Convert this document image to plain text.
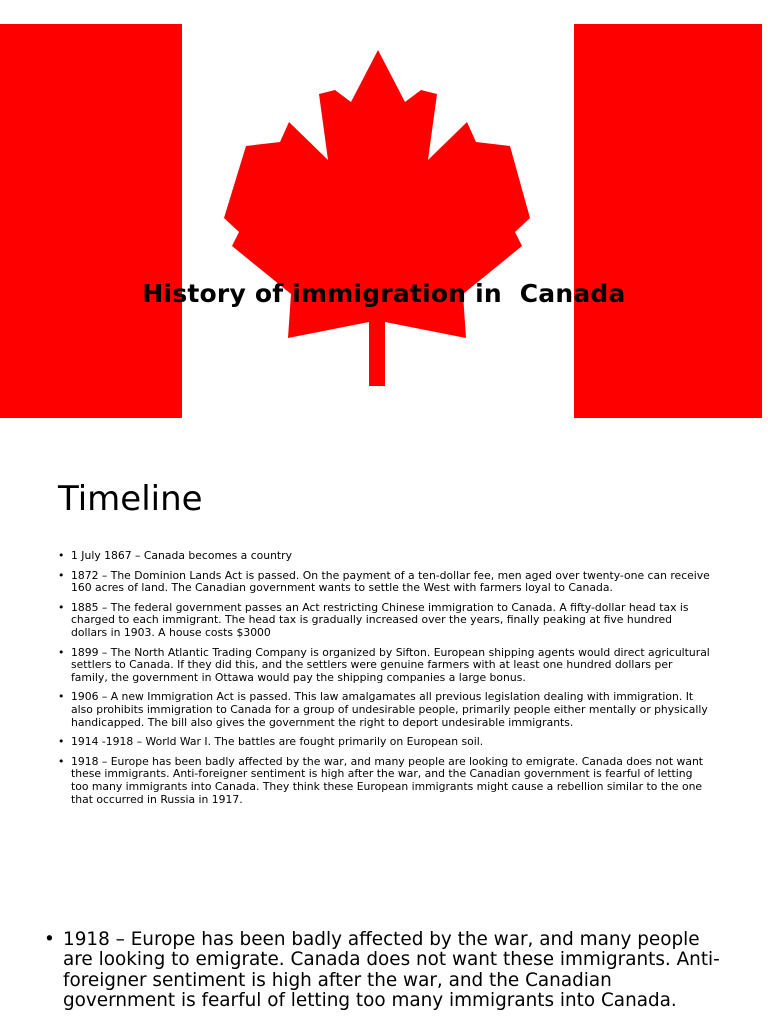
History of immigration in  Canada
Timeline
• 1 July 1867 – Canada becomes a country
• 1872 – The Dominion Lands Act is passed. On the payment of a ten-dollar fee, men aged over twenty-one can receive 160 acres of land. The Canadian government wants to settle the West with farmers loyal to Canada.
• 1885 – The federal government passes an Act restricting Chinese immigration to Canada. A fifty-dollar head tax is charged to each immigrant. The head tax is gradually increased over the years, finally peaking at five hundred dollars in 1903. A house costs $3000
• 1899 – The North Atlantic Trading Company is organized by Sifton. European shipping agents would direct agricultural settlers to Canada. If they did this, and the settlers were genuine farmers with at least one hundred dollars per family, the government in Ottawa would pay the shipping companies a large bonus.
• 1906 – A new Immigration Act is passed. This law amalgamates all previous legislation dealing with immigration. It also prohibits immigration to Canada for a group of undesirable people, primarily people either mentally or physically handicapped. The bill also gives the government the right to deport undesirable immigrants.
• 1914 -1918 – World War I. The battles are fought primarily on European soil.
• 1918 – Europe has been badly affected by the war, and many people are looking to emigrate. Canada does not want these immigrants. Anti-foreigner sentiment is high after the war, and the Canadian government is fearful of letting too many immigrants into Canada. They think these European immigrants might cause a rebellion similar to the one that occurred in Russia in 1917.
• 1918 – Europe has been badly affected by the war, and many people are looking to emigrate. Canada does not want these immigrants. Anti-foreigner sentiment is high after the war, and the Canadian government is fearful of letting too many immigrants into Canada.
